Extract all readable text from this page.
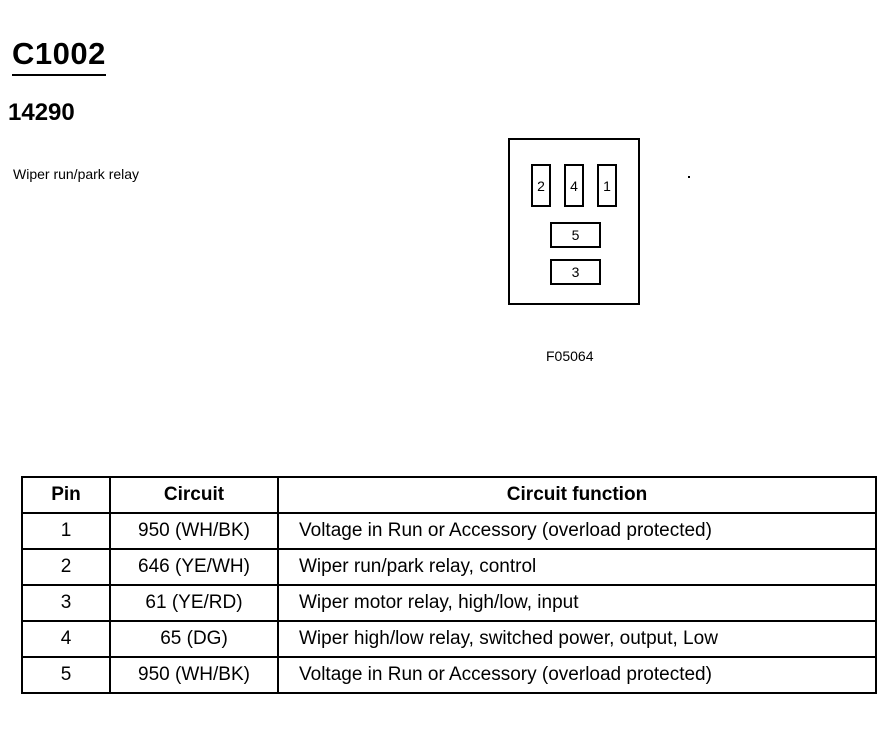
C1002
14290
Wiper run/park relay
2	4	1
5
3
F05064
Pin	Circuit	Circuit function
1	950 (WH/BK)	Voltage in Run or Accessory (overload protected)
2	646 (YE/WH)	Wiper run/park relay, control
3	61 (YE/RD)	Wiper motor relay, high/low, input
4	65 (DG)	Wiper high/low relay, switched power, output, Low
5	950 (WH/BK)	Voltage in Run or Accessory (overload protected)
